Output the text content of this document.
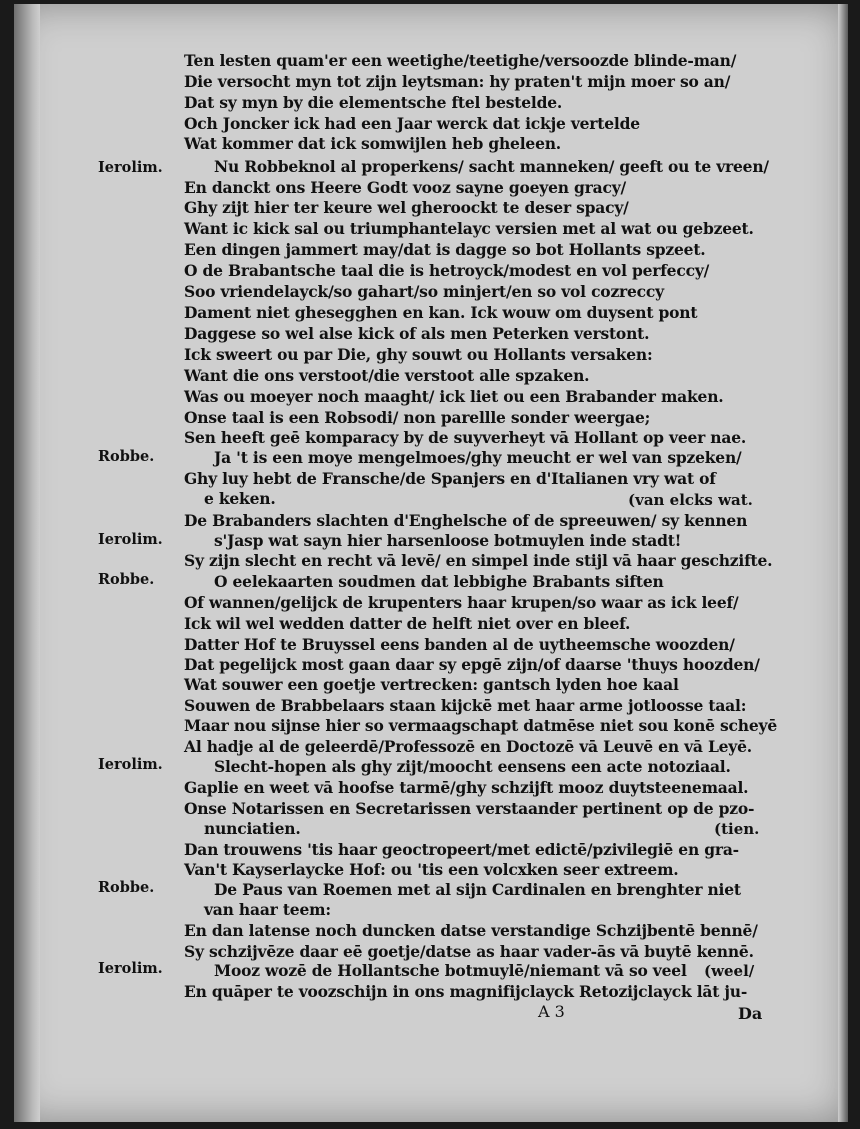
Ierolim.
Robbe.
Ierolim.
Robbe.
Ierolim.
Robbe.
Ierolim.
Ten lesten quam'er een weetighe/teetighe/versoozde blinde-man/
Die versocht myn tot zijn leytsman: hy praten't mijn moer so an/
Dat sy myn by die elementsche ftel bestelde.
Och Joncker ick had een Jaar werck dat ickje vertelde
Wat kommer dat ick somwijlen heb gheleen.
Nu Robbeknol al properkens/ sacht manneken/ geeft ou te vreen/
En danckt ons Heere Godt vooz sayne goeyen gracy/
Ghy zijt hier ter keure wel gheroockt te deser spacy/
Want ic kick sal ou triumphantelayc versien met al wat ou gebzeet.
Een dingen jammert may/dat is dagge so bot Hollants spzeet.
O de Brabantsche taal die is hetroyck/modest en vol perfeccy/
Soo vriendelayck/so gahart/so minjert/en so vol cozreccy
Dament niet ghesegghen en kan. Ick wouw om duysent pont
Daggese so wel alse kick of als men Peterken verstont.
Ick sweert ou par Die, ghy souwt ou Hollants versaken:
Want die ons verstoot/die verstoot alle spzaken.
Was ou moeyer noch maaght/ ick liet ou een Brabander maken.
Onse taal is een Robsodi/ non parellle sonder weergae;
Sen heeft geē komparacy by de suyverheyt vā Hollant op veer nae.
Ja 't is een moye mengelmoes/ghy meucht er wel van spzeken/
Ghy luy hebt de Fransche/de Spanjers en d'Italianen vry wat of
e keken.
De Brabanders slachten d'Enghelsche of de spreeuwen/ sy kennen
s'Jasp wat sayn hier harsenloose botmuylen inde stadt!
Sy zijn slecht en recht vā levē/ en simpel inde stijl vā haar geschzifte.
O eelekaarten soudmen dat lebbighe Brabants siften
Of wannen/gelijck de krupenters haar krupen/so waar as ick leef/
Ick wil wel wedden datter de helft niet over en bleef.
Datter Hof te Bruyssel eens banden al de uytheemsche woozden/
Dat pegelijck most gaan daar sy epgē zijn/of daarse 'thuys hoozden/
Wat souwer een goetje vertrecken: gantsch lyden hoe kaal
Souwen de Brabbelaars staan kijckē met haar arme jotloosse taal:
Maar nou sijnse hier so vermaagschapt datmēse niet sou konē scheyē
Al hadje al de geleerdē/Professozē en Doctozē vā Leuvē en vā Leyē.
Slecht-hopen als ghy zijt/moocht eensens een acte notoziaal.
Gaplie en weet vā hoofse tarmē/ghy schzijft mooz duytsteenemaal.
Onse Notarissen en Secretarissen verstaander pertinent op de pzo-
nunciatien.
Dan trouwens 'tis haar geoctropeert/met edictē/pzivilegiē en gra-
Van't Kayserlaycke Hof: ou 'tis een volcxken seer extreem.
De Paus van Roemen met al sijn Cardinalen en brenghter niet
van haar teem:
En dan latense noch duncken datse verstandige Schzijbentē bennē/
Sy schzijvēze daar eē goetje/datse as haar vader-ās vā buytē kennē.
Mooz wozē de Hollantsche botmuylē/niemant vā so veel
En quāper te voozschijn in ons magnifijclayck Retozijclayck lāt ju-
(van elcks wat.
(tien.
(weel/
A 3	Da
